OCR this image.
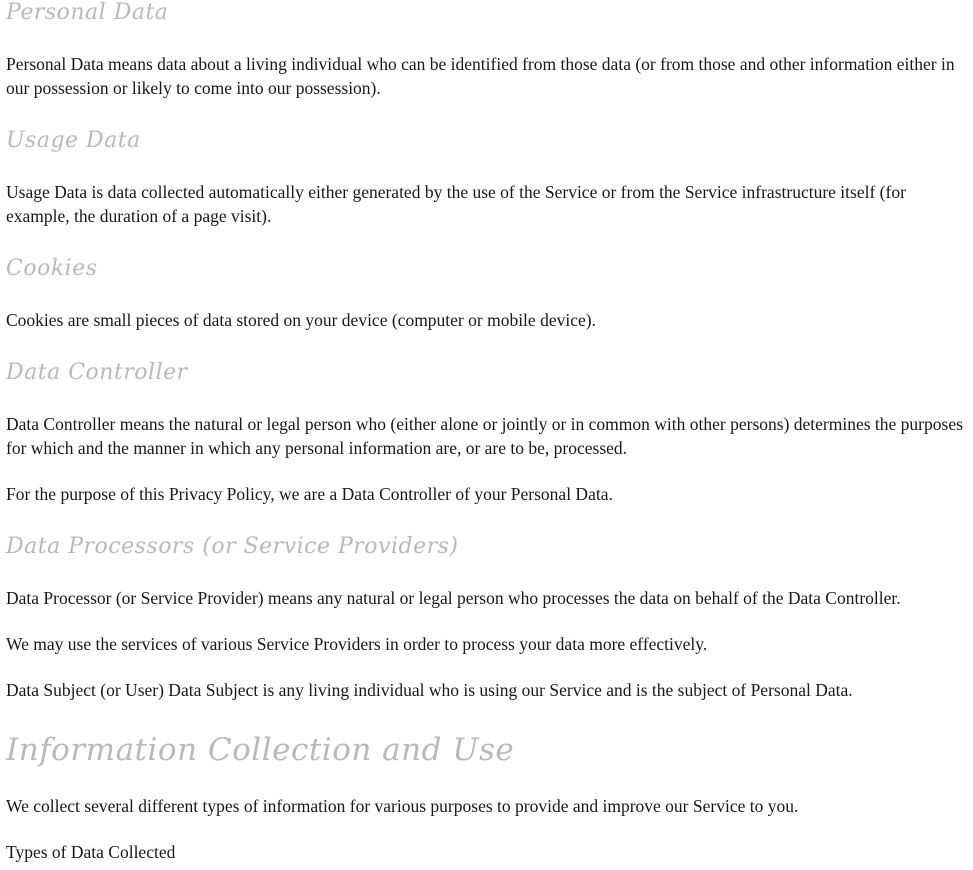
Personal Data

Personal Data means data about a living individual who can be identified from those data (or from those and other information either in our possession or likely to come into our possession).

Usage Data

Usage Data is data collected automatically either generated by the use of the Service or from the Service infrastructure itself (for example, the duration of a page visit).

Cookies

Cookies are small pieces of data stored on your device (computer or mobile device).

Data Controller

Data Controller means the natural or legal person who (either alone or jointly or in common with other persons) determines the purposes for which and the manner in which any personal information are, or are to be, processed.

For the purpose of this Privacy Policy, we are a Data Controller of your Personal Data.

Data Processors (or Service Providers)

Data Processor (or Service Provider) means any natural or legal person who processes the data on behalf of the Data Controller.

We may use the services of various Service Providers in order to process your data more effectively.

Data Subject (or User) Data Subject is any living individual who is using our Service and is the subject of Personal Data.

Information Collection and Use

We collect several different types of information for various purposes to provide and improve our Service to you.

Types of Data Collected
